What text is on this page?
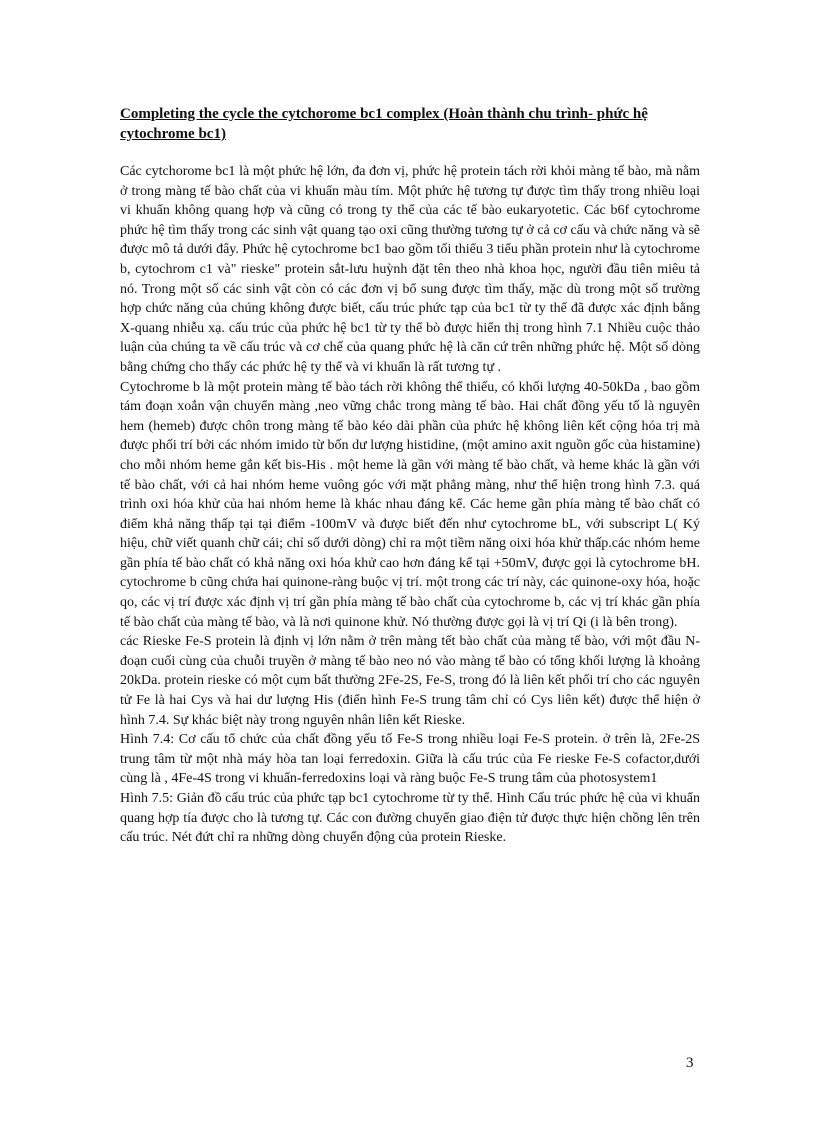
Completing the cycle the cytchorome bc1 complex (Hoàn thành chu trình- phức hệ cytochrome bc1)

Các cytchorome bc1 là một phức hệ lớn, đa đơn vị, phức hệ protein tách rời khỏi màng tế bào, mà nằm ở trong màng tế bào chất của vi khuẩn màu tím. Một phức hệ tương tự được tìm thấy trong nhiều loại vi khuẩn không quang hợp và cũng có trong ty thể của các tế bào eukaryotetic. Các b6f cytochrome phức hệ tìm thấy trong các sinh vật quang tạo oxi cũng thường tương tự ở cả cơ cấu và chức năng và sẽ được mô tả dưới đây. Phức hệ cytochrome bc1 bao gồm tối thiểu 3 tiểu phần protein như là cytochrome b, cytochrom c1 và" rieske" protein sắt-lưu huỳnh đặt tên theo nhà khoa học, người đầu tiên miêu tả nó. Trong một số các sinh vật còn có các đơn vị bổ sung được tìm thấy, mặc dù trong một số trường hợp chức năng của chúng không được biết, cấu trúc phức tạp của bc1 từ ty thể đã được xác định bằng X-quang nhiễu xạ. cấu trúc của phức hệ bc1 từ ty thể bò được hiển thị trong hình 7.1 Nhiều cuộc thảo luận của chúng ta về cấu trúc và cơ chế của quang phức hệ là căn cứ trên những phức hệ. Một số dòng bằng chứng cho thấy các phức hệ ty thể và vi khuẩn là rất tương tự .

Cytochrome b là một protein màng tế bào tách rời không thể thiếu, có khối lượng 40-50kDa , bao gồm tám đoạn xoắn vận chuyển màng ,neo vững chắc trong màng tế bào. Hai chất đồng yếu tố là nguyên hem (hemeb) được chôn trong màng tế bào kéo dài phần của phức hệ không liên kết cộng hóa trị mà được phối trí bởi các nhóm imido từ bốn dư lượng histidine, (một amino axit nguồn gốc của histamine) cho mỗi nhóm heme gắn kết bis-His . một heme là gần với màng tế bào chất, và heme khác là gần với tế bào chất, với cả hai nhóm heme vuông góc với mặt phẳng màng, như thể hiện trong hình 7.3. quá trình oxi hóa khử của hai nhóm heme là khác nhau đáng kể. Các heme gần phía màng tế bào chất có điểm khả năng thấp tại tại điểm -100mV và được biết đến như cytochrome bL, với subscript L( Ký hiệu, chữ viết quanh chữ cái; chỉ số dưới dòng) chỉ ra một tiềm năng oixi hóa khử thấp.các nhóm heme gần phía tế bào chất có khả năng oxi hóa khử cao hơn đáng kể tại +50mV, được gọi là cytochrome bH. cytochrome b cũng chứa hai quinone-ràng buộc vị trí. một trong các trí này, các quinone-oxy hóa, hoặc qo, các vị trí được xác định vị trí gần phía màng tế bào chất của cytochrome b, các vị trí khác gần phía tế bào chất của màng tế bào, và là nơi quinone khử. Nó thường được gọi là vị trí Qi (i là bên trong).

các Rieske Fe-S protein là định vị lớn nằm ở trên màng tết bào chất của màng tế bào, với một đầu N- đoạn cuối cùng của chuỗi truyền ở màng tế bào neo nó vào màng tế bào có tổng khối lượng là khoảng 20kDa. protein rieske có một cụm bất thường 2Fe-2S, Fe-S, trong đó là liên kết phối trí cho các nguyên tử Fe là hai Cys và hai dư lượng His (điển hình Fe-S trung tâm chỉ có Cys liên kết) được thể hiện ở hình 7.4. Sự khác biệt này trong nguyên nhân liên kết Rieske.

Hình 7.4: Cơ cấu tổ chức của chất đồng yếu tố Fe-S trong nhiều loại Fe-S protein. ở trên là, 2Fe-2S trung tâm từ một nhà máy hòa tan loại ferredoxin. Giữa là cấu trúc của Fe rieske Fe-S cofactor,dưới cùng là , 4Fe-4S trong vi khuẩn-ferredoxins loại và ràng buộc Fe-S trung tâm của photosystem1

Hình 7.5: Giản đồ cấu trúc của phức tạp bc1 cytochrome từ ty thể. Hình Cấu trúc phức hệ của vi khuẩn quang hợp tía được cho là tương tự. Các con đường chuyển giao điện tử được thực hiện chồng lên trên cấu trúc. Nét đứt chỉ ra những dòng chuyển động của protein Rieske.

3
